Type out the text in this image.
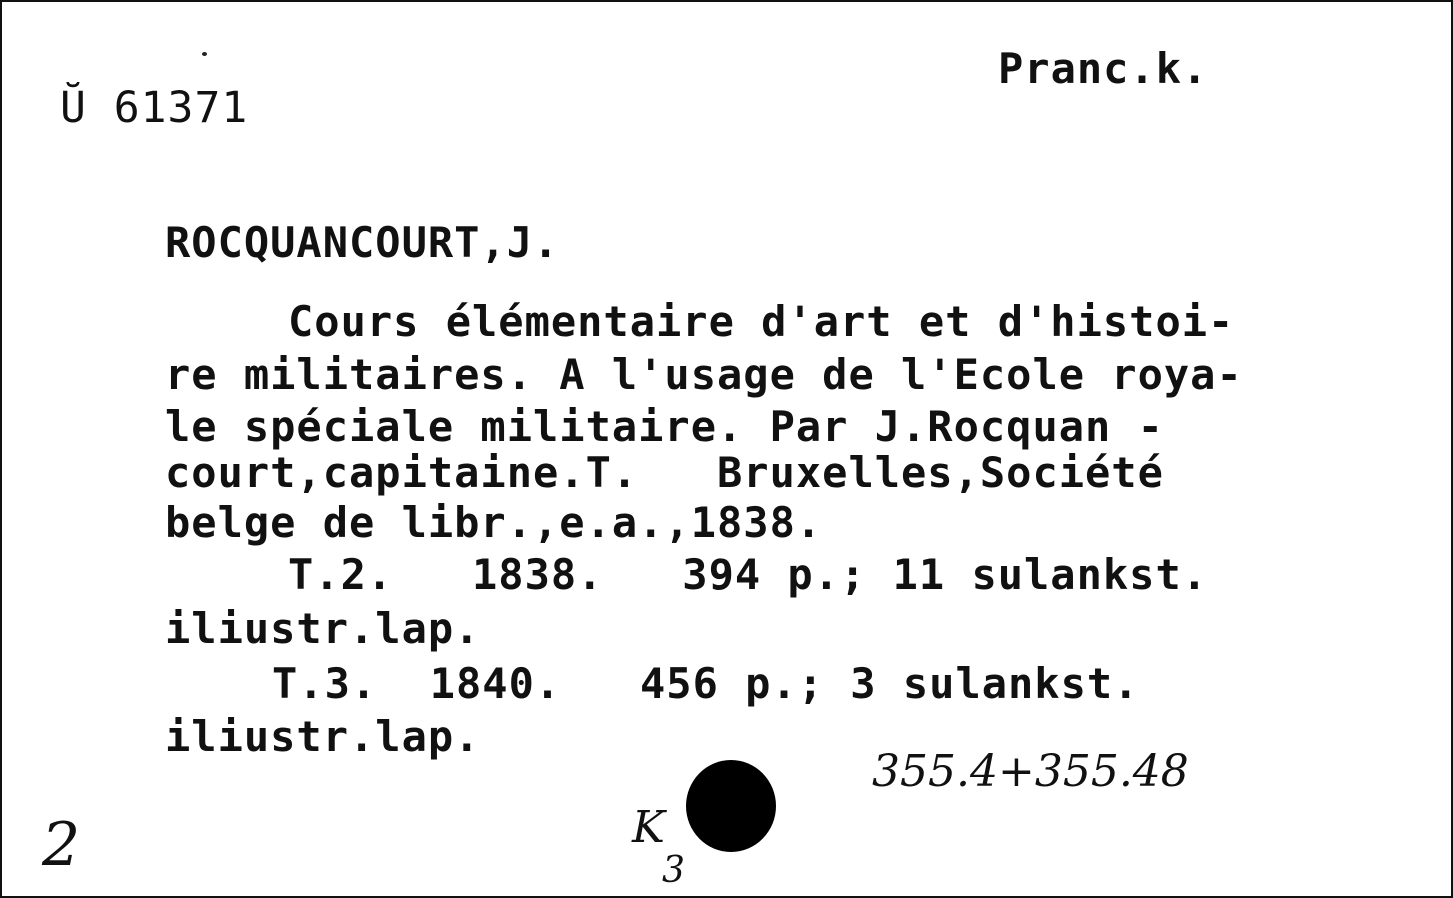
Ŭ 61371
Pranc.k.
ROCQUANCOURT,J.
Cours élémentaire d'art et d'histoi-
re militaires. A l'usage de l'Ecole roya-
le spéciale militaire. Par J.Rocquan -
court,capitaine.T.   Bruxelles,Société
belge de libr.,e.a.,1838.
T.2.   1838.   394 p.; 11 sulankst.
iliustr.lap.
T.3.  1840.   456 p.; 3 sulankst.
iliustr.lap.
355.4+355.48
2	K
3
